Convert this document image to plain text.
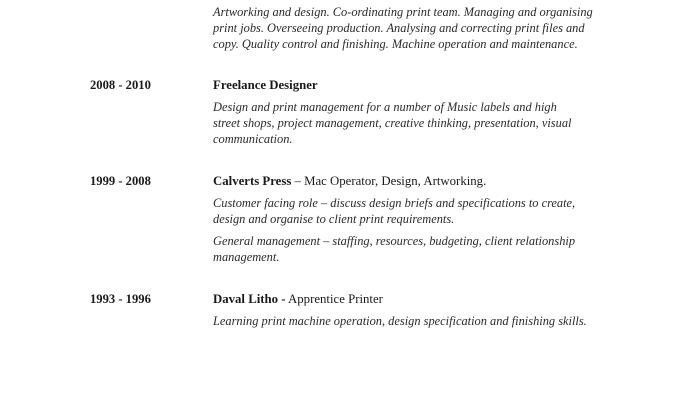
Artworking and design. Co-ordinating print team. Managing and organising
print jobs. Overseeing production. Analysing and correcting print files and
copy. Quality control and finishing. Machine operation and maintenance.
2008 - 2010	Freelance Designer
Design and print management for a number of Music labels and high
street shops, project management, creative thinking, presentation, visual
communication.
1999 - 2008	Calverts Press – Mac Operator, Design, Artworking.
Customer facing role – discuss design briefs and specifications to create,
design and organise to client print requirements.
General management – staffing, resources, budgeting, client relationship
management.
1993 - 1996	Daval Litho - Apprentice Printer
Learning print machine operation, design specification and finishing skills.
